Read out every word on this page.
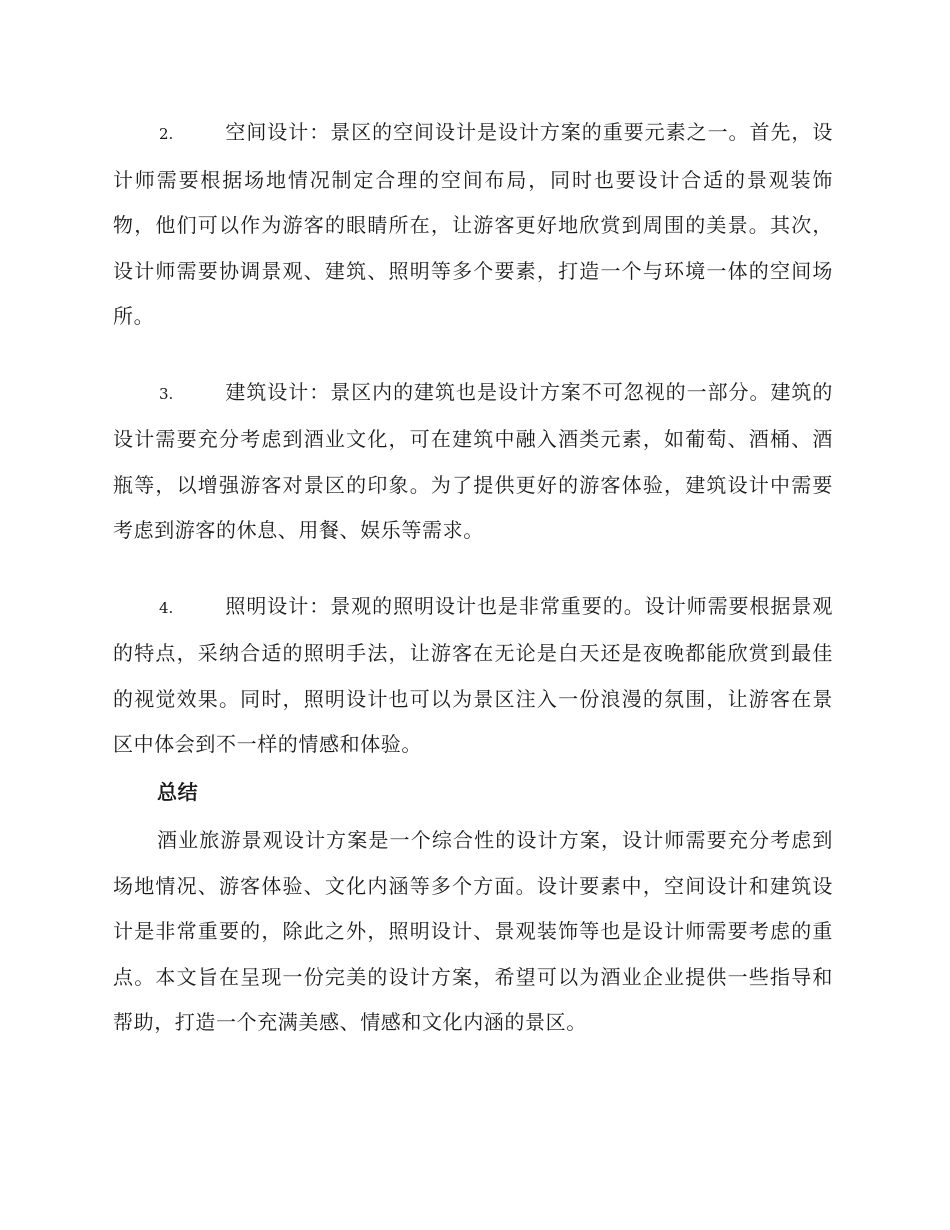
2.	空间设计：景区的空间设计是设计方案的重要元素之一。首先，设计师需要根据场地情况制定合理的空间布局，同时也要设计合适的景观装饰物，他们可以作为游客的眼睛所在，让游客更好地欣赏到周围的美景。其次，设计师需要协调景观、建筑、照明等多个要素，打造一个与环境一体的空间场所。

3.	建筑设计：景区内的建筑也是设计方案不可忽视的一部分。建筑的设计需要充分考虑到酒业文化，可在建筑中融入酒类元素，如葡萄、酒桶、酒瓶等，以增强游客对景区的印象。为了提供更好的游客体验，建筑设计中需要考虑到游客的休息、用餐、娱乐等需求。

4.	照明设计：景观的照明设计也是非常重要的。设计师需要根据景观的特点，采纳合适的照明手法，让游客在无论是白天还是夜晚都能欣赏到最佳的视觉效果。同时，照明设计也可以为景区注入一份浪漫的氛围，让游客在景区中体会到不一样的情感和体验。

总结

酒业旅游景观设计方案是一个综合性的设计方案，设计师需要充分考虑到场地情况、游客体验、文化内涵等多个方面。设计要素中，空间设计和建筑设计是非常重要的，除此之外，照明设计、景观装饰等也是设计师需要考虑的重点。本文旨在呈现一份完美的设计方案，希望可以为酒业企业提供一些指导和帮助，打造一个充满美感、情感和文化内涵的景区。
